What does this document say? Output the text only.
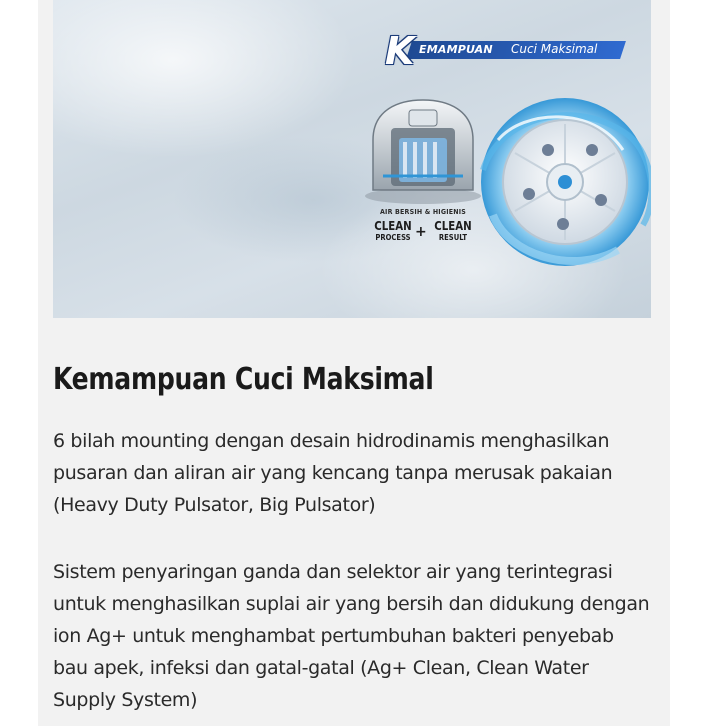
K EMAMPUAN Cuci Maksimal
AIR BERSIH & HIGIENIS
CLEAN
PROCESS + CLEAN
RESULT
Kemampuan Cuci Maksimal

6 bilah mounting dengan desain hidrodinamis menghasilkan pusaran dan aliran air yang kencang tanpa merusak pakaian (Heavy Duty Pulsator, Big Pulsator)

Sistem penyaringan ganda dan selektor air yang terintegrasi untuk menghasilkan suplai air yang bersih dan didukung dengan ion Ag+ untuk menghambat pertumbuhan bakteri penyebab bau apek, infeksi dan gatal-gatal (Ag+ Clean, Clean Water Supply System)
